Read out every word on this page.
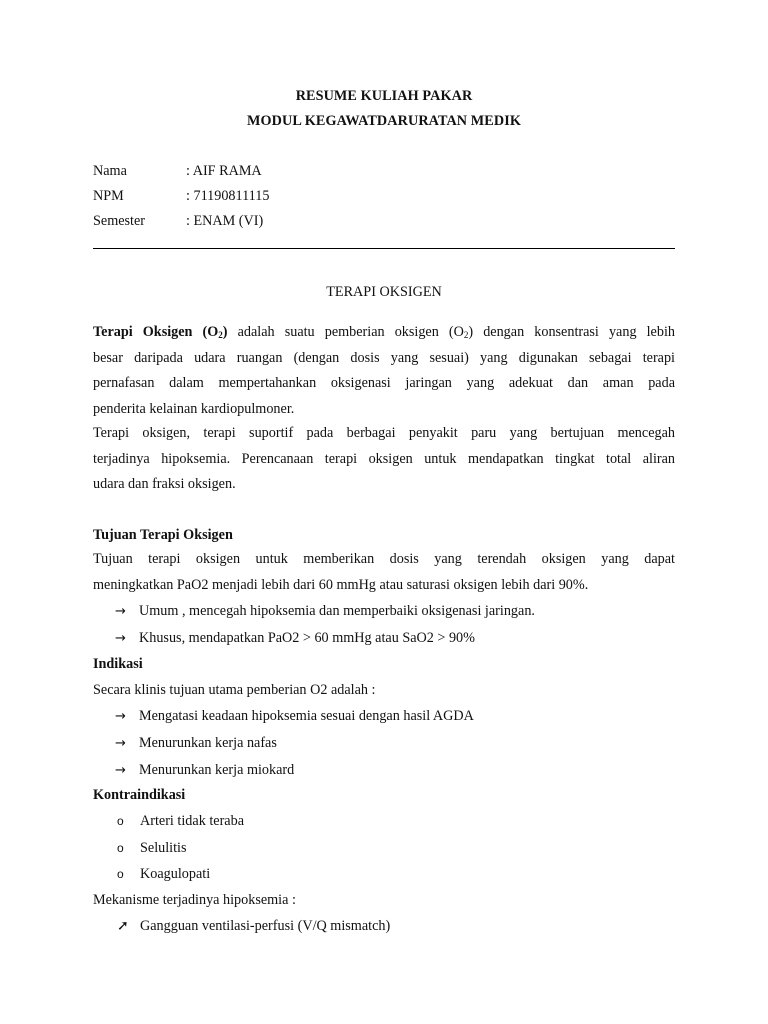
RESUME KULIAH PAKAR
MODUL KEGAWATDARURATAN MEDIK
Nama	: AIF RAMA
NPM	: 71190811115
Semester	: ENAM (VI)
TERAPI OKSIGEN
Terapi Oksigen $(O_2)$ adalah suatu pemberian oksigen $(O_2)$ dengan konsentrasi yang lebih
besar daripada udara ruangan (dengan dosis yang sesuai) yang digunakan sebagai terapi
pernafasan dalam mempertahankan oksigenasi jaringan yang adekuat dan aman pada
penderita kelainan kardiopulmoner.
Terapi oksigen, terapi suportif pada berbagai penyakit paru yang bertujuan mencegah
terjadinya hipoksemia. Perencanaan terapi oksigen untuk mendapatkan tingkat total aliran
udara dan fraksi oksigen.
Tujuan Terapi Oksigen
Tujuan terapi oksigen untuk memberikan dosis yang terendah oksigen yang dapat
meningkatkan PaO2 menjadi lebih dari 60 mmHg atau saturasi oksigen lebih dari 90%.
→ Umum , mencegah hipoksemia dan memperbaiki oksigenasi jaringan.
→ Khusus, mendapatkan PaO2 > 60 mmHg atau SaO2 > 90%
Indikasi
Secara klinis tujuan utama pemberian O2 adalah :
→ Mengatasi keadaan hipoksemia sesuai dengan hasil AGDA
→ Menurunkan kerja nafas
→ Menurunkan kerja miokard
Kontraindikasi
o Arteri tidak teraba
o Selulitis
o Koagulopati
Mekanisme terjadinya hipoksemia :
➚ Gangguan ventilasi-perfusi (V/Q mismatch)
